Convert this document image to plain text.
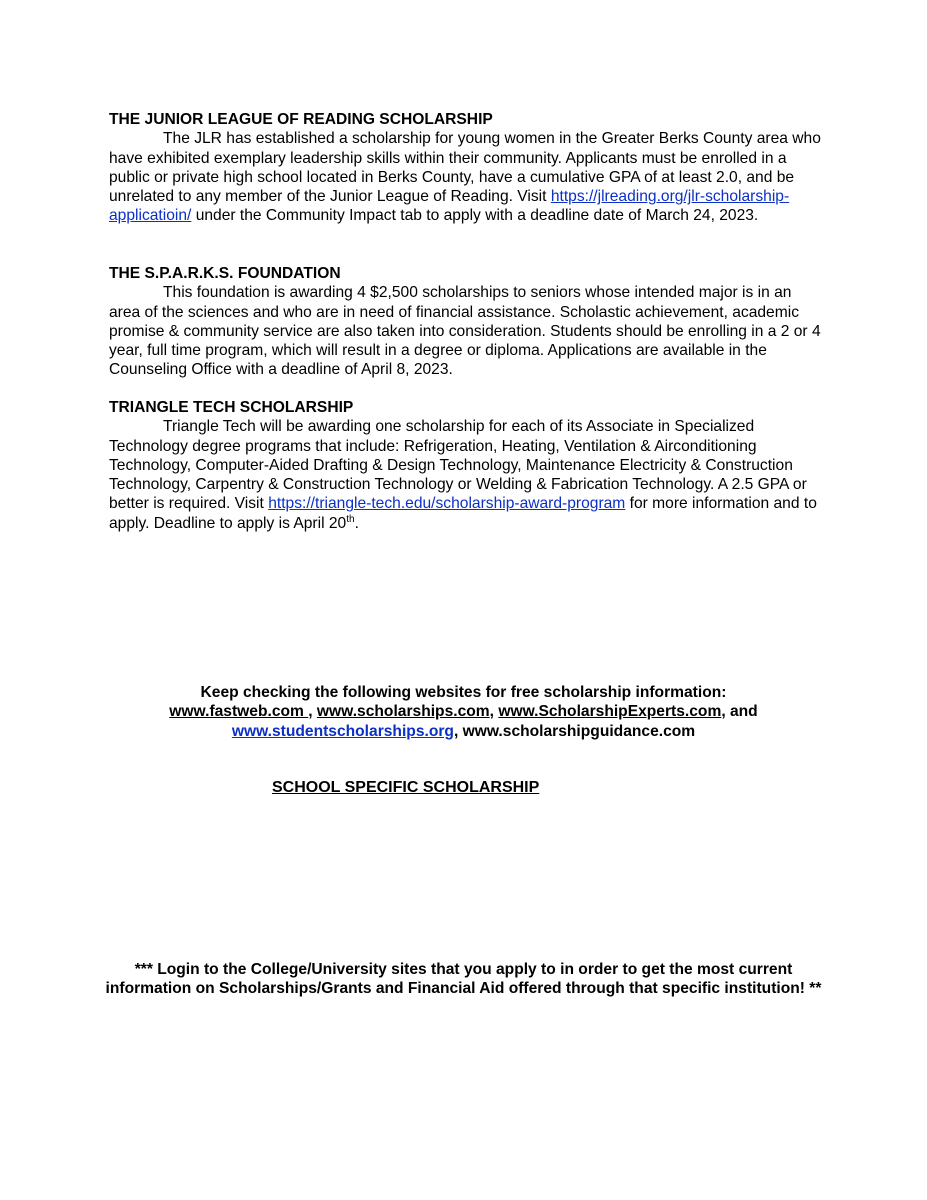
THE JUNIOR LEAGUE OF READING SCHOLARSHIP

The JLR has established a scholarship for young women in the Greater Berks County area who have exhibited exemplary leadership skills within their community. Applicants must be enrolled in a public or private high school located in Berks County, have a cumulative GPA of at least 2.0, and be unrelated to any member of the Junior League of Reading. Visit https://jlreading.org/jlr-scholarship-applicatioin/ under the Community Impact tab to apply with a deadline date of March 24, 2023.

THE S.P.A.R.K.S. FOUNDATION

This foundation is awarding 4 $2,500 scholarships to seniors whose intended major is in an area of the sciences and who are in need of financial assistance. Scholastic achievement, academic promise & community service are also taken into consideration. Students should be enrolling in a 2 or 4 year, full time program, which will result in a degree or diploma. Applications are available in the Counseling Office with a deadline of April 8, 2023.

TRIANGLE TECH SCHOLARSHIP

Triangle Tech will be awarding one scholarship for each of its Associate in Specialized Technology degree programs that include: Refrigeration, Heating, Ventilation & Airconditioning Technology, Computer-Aided Drafting & Design Technology, Maintenance Electricity & Construction Technology, Carpentry & Construction Technology or Welding & Fabrication Technology. A 2.5 GPA or better is required. Visit https://triangle-tech.edu/scholarship-award-program for more information and to apply. Deadline to apply is April 20th.

Keep checking the following websites for free scholarship information:

www.fastweb.com , www.scholarships.com, www.ScholarshipExperts.com, and

www.studentscholarships.org, www.scholarshipguidance.com

SCHOOL SPECIFIC SCHOLARSHIP

*** Login to the College/University sites that you apply to in order to get the most current information on Scholarships/Grants and Financial Aid offered through that specific institution! **
